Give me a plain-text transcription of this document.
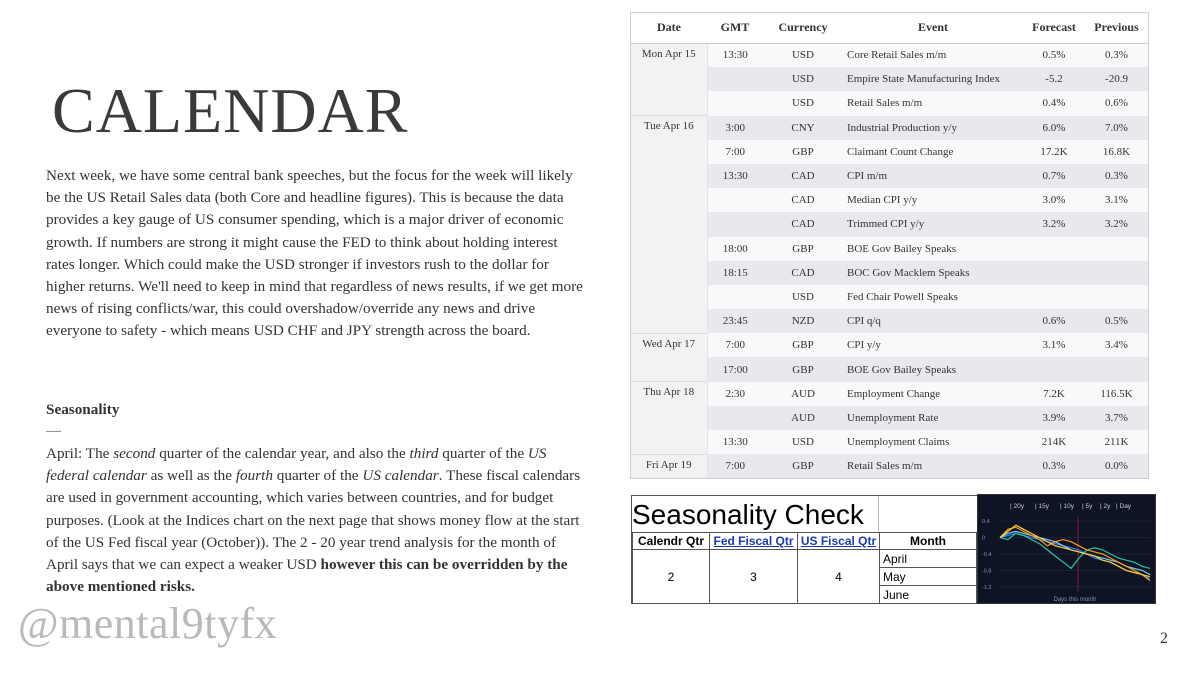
CALENDAR
Next week, we have some central bank speeches, but the focus for the week will likely be the US Retail Sales data (both Core and headline figures). This is because the data provides a key gauge of US consumer spending, which is a major driver of economic growth. If numbers are strong it might cause the FED to think about holding interest rates longer. Which could make the USD stronger if investors rush to the dollar for higher returns. We'll need to keep in mind that regardless of news results, if we get more news of rising conflicts/war, this could overshadow/override any news and drive everyone to safety - which means USD CHF and JPY strength across the board.
Seasonality
—
April: The second quarter of the calendar year, and also the third quarter of the US federal calendar as well as the fourth quarter of the US calendar. These fiscal calendars are used in government accounting, which varies between countries, and for budget purposes. (Look at the Indices chart on the next page that shows money flow at the start of the US Fed fiscal year (October)). The 2 - 20 year trend analysis for the month of April says that we can expect a weaker USD however this can be overridden by the above mentioned risks.
@mental9tyfx	2
Date	GMT	Currency	Event	Forecast	Previous
Mon Apr 15	13:30	USD	Core Retail Sales m/m	0.5%	0.3%
		USD	Empire State Manufacturing Index	-5.2	-20.9
		USD	Retail Sales m/m	0.4%	0.6%
Tue Apr 16	3:00	CNY	Industrial Production y/y	6.0%	7.0%
	7:00	GBP	Claimant Count Change	17.2K	16.8K
	13:30	CAD	CPI m/m	0.7%	0.3%
		CAD	Median CPI y/y	3.0%	3.1%
		CAD	Trimmed CPI y/y	3.2%	3.2%
	18:00	GBP	BOE Gov Bailey Speaks		
	18:15	CAD	BOC Gov Macklem Speaks		
		USD	Fed Chair Powell Speaks		
	23:45	NZD	CPI q/q	0.6%	0.5%
Wed Apr 17	7:00	GBP	CPI y/y	3.1%	3.4%
	17:00	GBP	BOE Gov Bailey Speaks		
Thu Apr 18	2:30	AUD	Employment Change	7.2K	116.5K
		AUD	Unemployment Rate	3.9%	3.7%
	13:30	USD	Unemployment Claims	214K	211K
Fri Apr 19	7:00	GBP	Retail Sales m/m	0.3%	0.0%
Seasonality Check
Calendr Qtr	Fed Fiscal Qtr	US Fiscal Qtr	Month
2	3	4	April
			May
			June
| 20y | 15y | 10y | 5y | 2y | Day
0.4
0
-0.4
-0.8
-1.2
Days this month
